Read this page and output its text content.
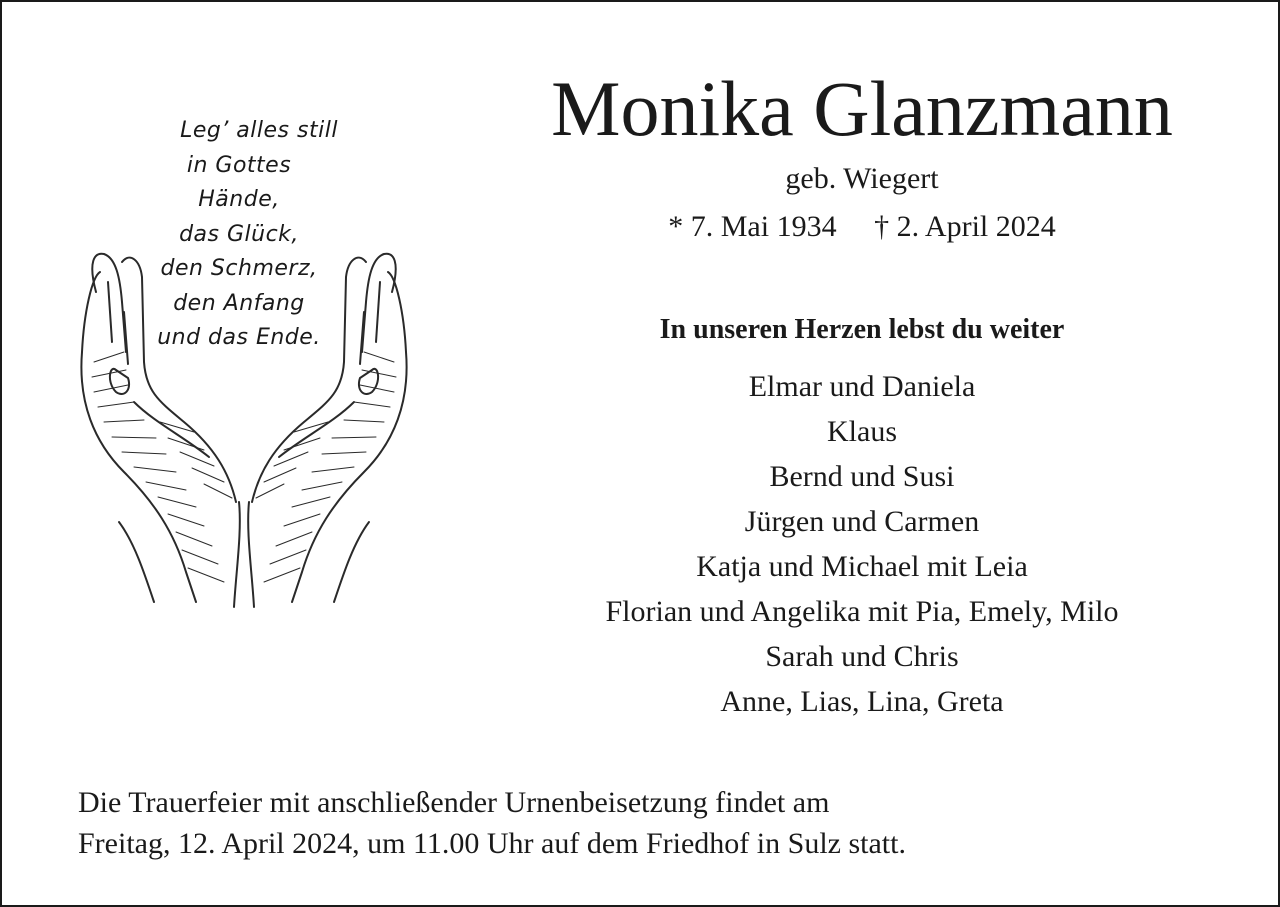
Leg’ alles still
in Gottes
Hände,
das Glück,
den Schmerz,
den Anfang
und das Ende.
Monika Glanzmann
geb. Wiegert
* 7. Mai 1934 † 2. April 2024
In unseren Herzen lebst du weiter
Elmar und Daniela
Klaus
Bernd und Susi
Jürgen und Carmen
Katja und Michael mit Leia
Florian und Angelika mit Pia, Emely, Milo
Sarah und Chris
Anne, Lias, Lina, Greta
Die Trauerfeier mit anschließender Urnenbeisetzung findet am
Freitag, 12. April 2024, um 11.00 Uhr auf dem Friedhof in Sulz statt.
